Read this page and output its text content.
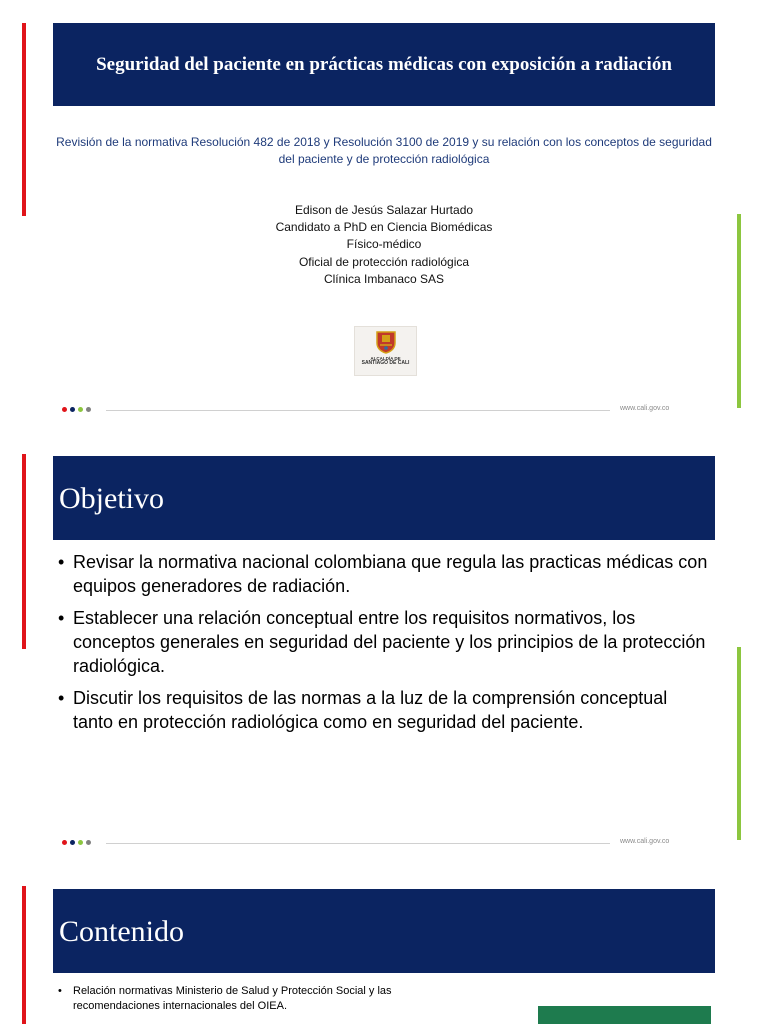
Seguridad del paciente en prácticas médicas con exposición a radiación
Revisión de la normativa Resolución 482 de 2018 y Resolución 3100 de 2019 y su relación con los conceptos de seguridad del paciente y de protección radiológica
Edison de Jesús Salazar Hurtado
Candidato a PhD en Ciencia Biomédicas
Físico-médico
Oficial de protección radiológica
Clínica Imbanaco SAS
ALCALDÍA DE
SANTIAGO DE CALI
www.cali.gov.co
Objetivo
• Revisar la normativa nacional colombiana que regula las practicas médicas con equipos generadores de radiación.
• Establecer una relación conceptual entre los requisitos normativos, los conceptos generales en seguridad del paciente y los principios de la protección radiológica.
• Discutir los requisitos de las normas a la luz de la comprensión conceptual tanto en protección radiológica como en seguridad del paciente.
www.cali.gov.co
Contenido
• Relación normativas Ministerio de Salud y Protección Social y las recomendaciones internacionales del OIEA.
